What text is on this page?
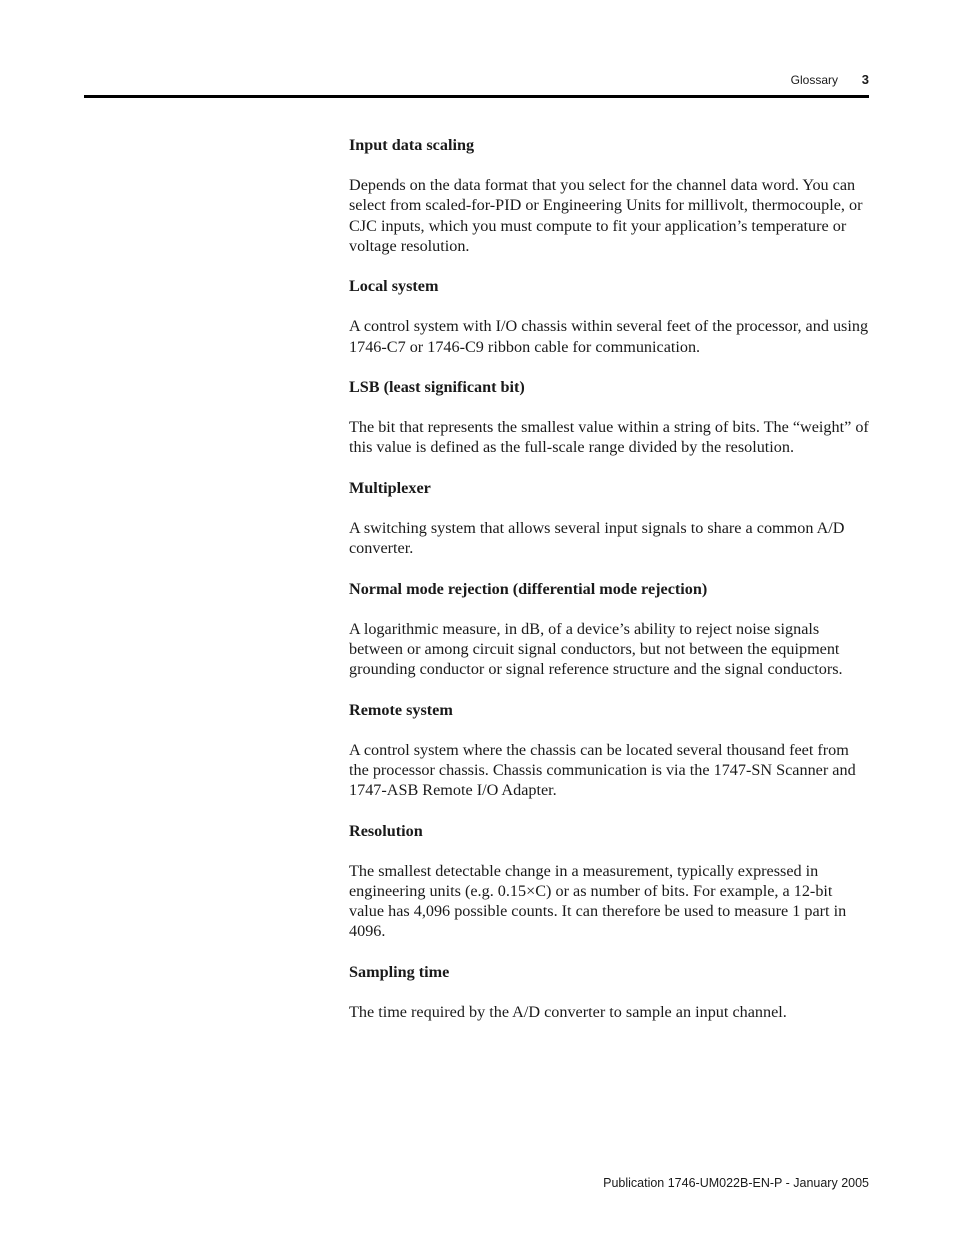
Glossary 3
Input data scaling
Depends on the data format that you select for the channel data word. You can select from scaled-for-PID or Engineering Units for millivolt, thermocouple, or CJC inputs, which you must compute to fit your application’s temperature or voltage resolution.
Local system
A control system with I/O chassis within several feet of the processor, and using 1746-C7 or 1746-C9 ribbon cable for communication.
LSB (least significant bit)
The bit that represents the smallest value within a string of bits. The “weight” of this value is defined as the full-scale range divided by the resolution.
Multiplexer
A switching system that allows several input signals to share a common A/D converter.
Normal mode rejection (differential mode rejection)
A logarithmic measure, in dB, of a device’s ability to reject noise signals between or among circuit signal conductors, but not between the equipment grounding conductor or signal reference structure and the signal conductors.
Remote system
A control system where the chassis can be located several thousand feet from the processor chassis. Chassis communication is via the 1747-SN Scanner and 1747-ASB Remote I/O Adapter.
Resolution
The smallest detectable change in a measurement, typically expressed in engineering units (e.g. 0.15×C) or as number of bits. For example, a 12-bit value has 4,096 possible counts. It can therefore be used to measure 1 part in 4096.
Sampling time
The time required by the A/D converter to sample an input channel.
Publication 1746-UM022B-EN-P - January 2005
